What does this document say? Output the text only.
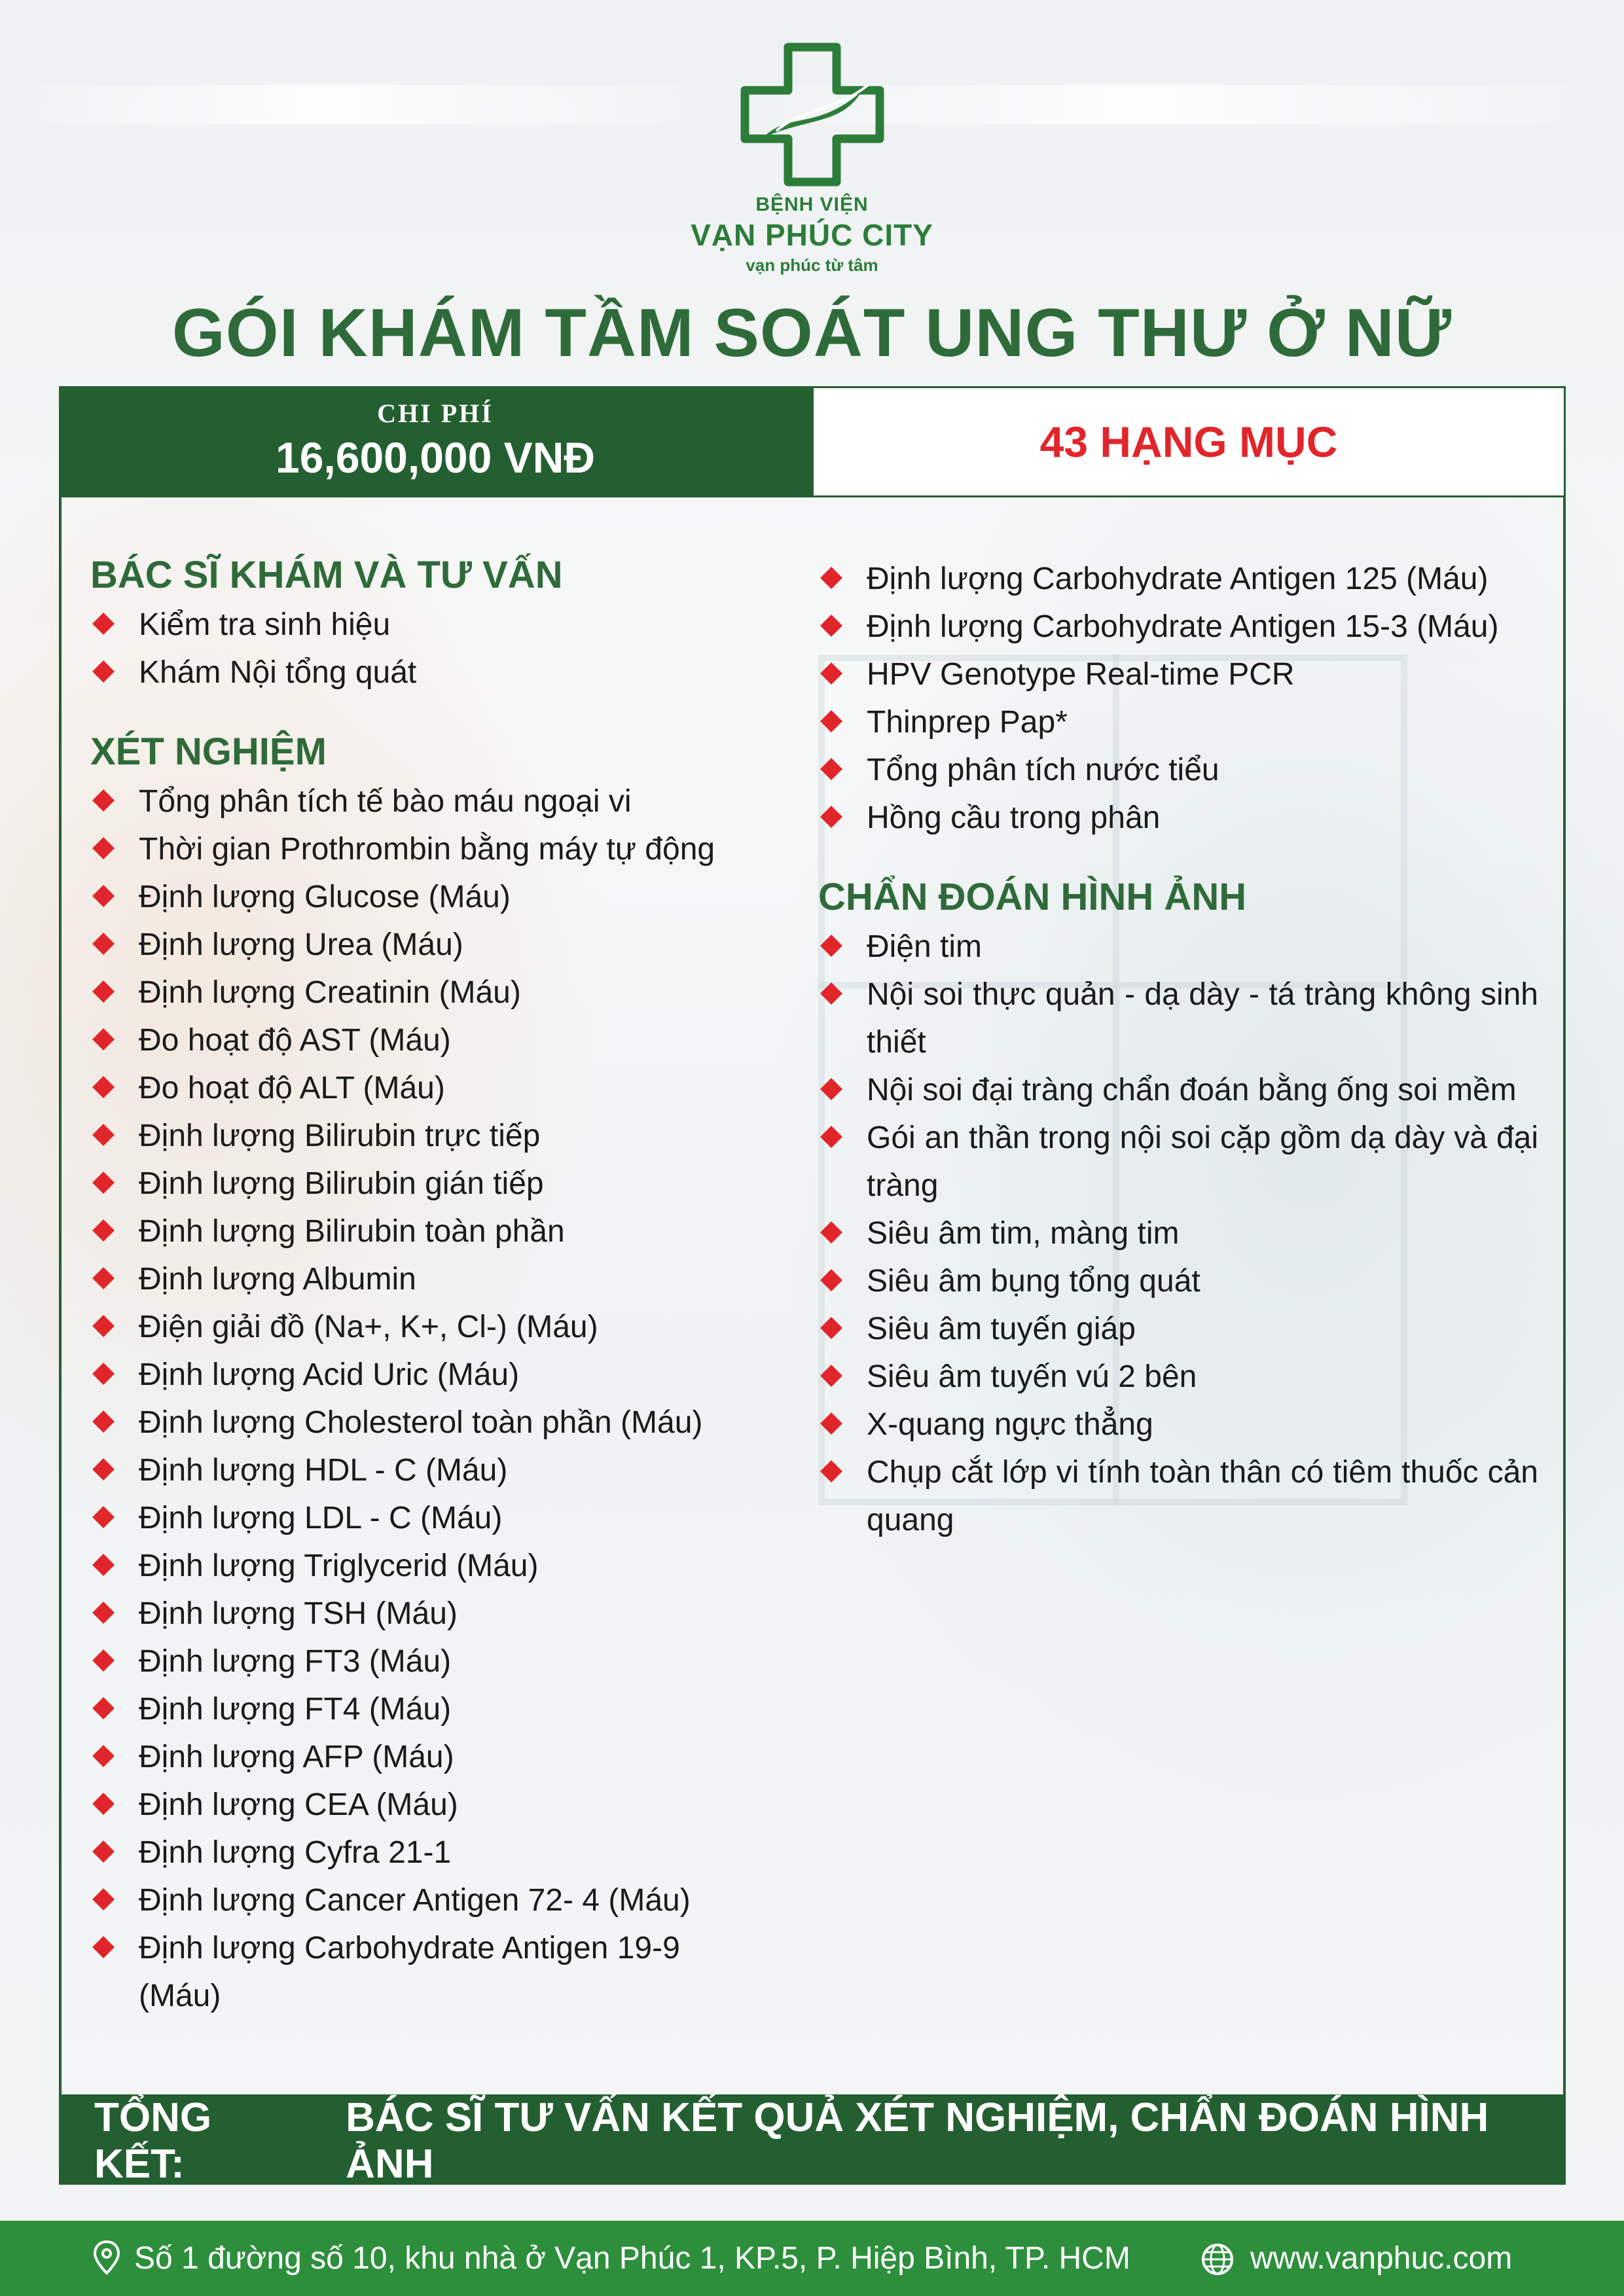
BỆNH VIỆN
VẠN PHÚC CITY
vạn phúc từ tâm
GÓI KHÁM TẦM SOÁT UNG THƯ Ở NỮ
CHI PHÍ
16,600,000 VNĐ	43 HẠNG MỤC
BÁC SĨ KHÁM VÀ TƯ VẤN
Kiểm tra sinh hiệu
Khám Nội tổng quát
XÉT NGHIỆM
Tổng phân tích tế bào máu ngoại vi
Thời gian Prothrombin bằng máy tự động
Định lượng Glucose (Máu)
Định lượng Urea (Máu)
Định lượng Creatinin (Máu)
Đo hoạt độ AST (Máu)
Đo hoạt độ ALT (Máu)
Định lượng Bilirubin trực tiếp
Định lượng Bilirubin gián tiếp
Định lượng Bilirubin toàn phần
Định lượng Albumin
Điện giải đồ (Na+, K+, Cl-) (Máu)
Định lượng Acid Uric (Máu)
Định lượng Cholesterol toàn phần (Máu)
Định lượng HDL - C (Máu)
Định lượng LDL - C (Máu)
Định lượng Triglycerid (Máu)
Định lượng TSH (Máu)
Định lượng FT3 (Máu)
Định lượng FT4 (Máu)
Định lượng AFP (Máu)
Định lượng CEA (Máu)
Định lượng Cyfra 21-1
Định lượng Cancer Antigen 72- 4 (Máu)
Định lượng Carbohydrate Antigen 19-9 (Máu)
Định lượng Carbohydrate Antigen 125 (Máu)
Định lượng Carbohydrate Antigen 15-3 (Máu)
HPV Genotype Real-time PCR
Thinprep Pap*
Tổng phân tích nước tiểu
Hồng cầu trong phân
CHẨN ĐOÁN HÌNH ẢNH
Điện tim
Nội soi thực quản - dạ dày - tá tràng không sinh thiết
Nội soi đại tràng chẩn đoán bằng ống soi mềm
Gói an thần trong nội soi cặp gồm dạ dày và đại tràng
Siêu âm tim, màng tim
Siêu âm bụng tổng quát
Siêu âm tuyến giáp
Siêu âm tuyến vú 2 bên
X-quang ngực thẳng
Chụp cắt lớp vi tính toàn thân có tiêm thuốc cản quang
TỔNG KẾT:
BÁC SĨ TƯ VẤN KẾT QUẢ XÉT NGHIỆM, CHẨN ĐOÁN HÌNH ẢNH
Số 1 đường số 10, khu nhà ở Vạn Phúc 1, KP.5, P. Hiệp Bình, TP. HCM	www.vanphuc.com
